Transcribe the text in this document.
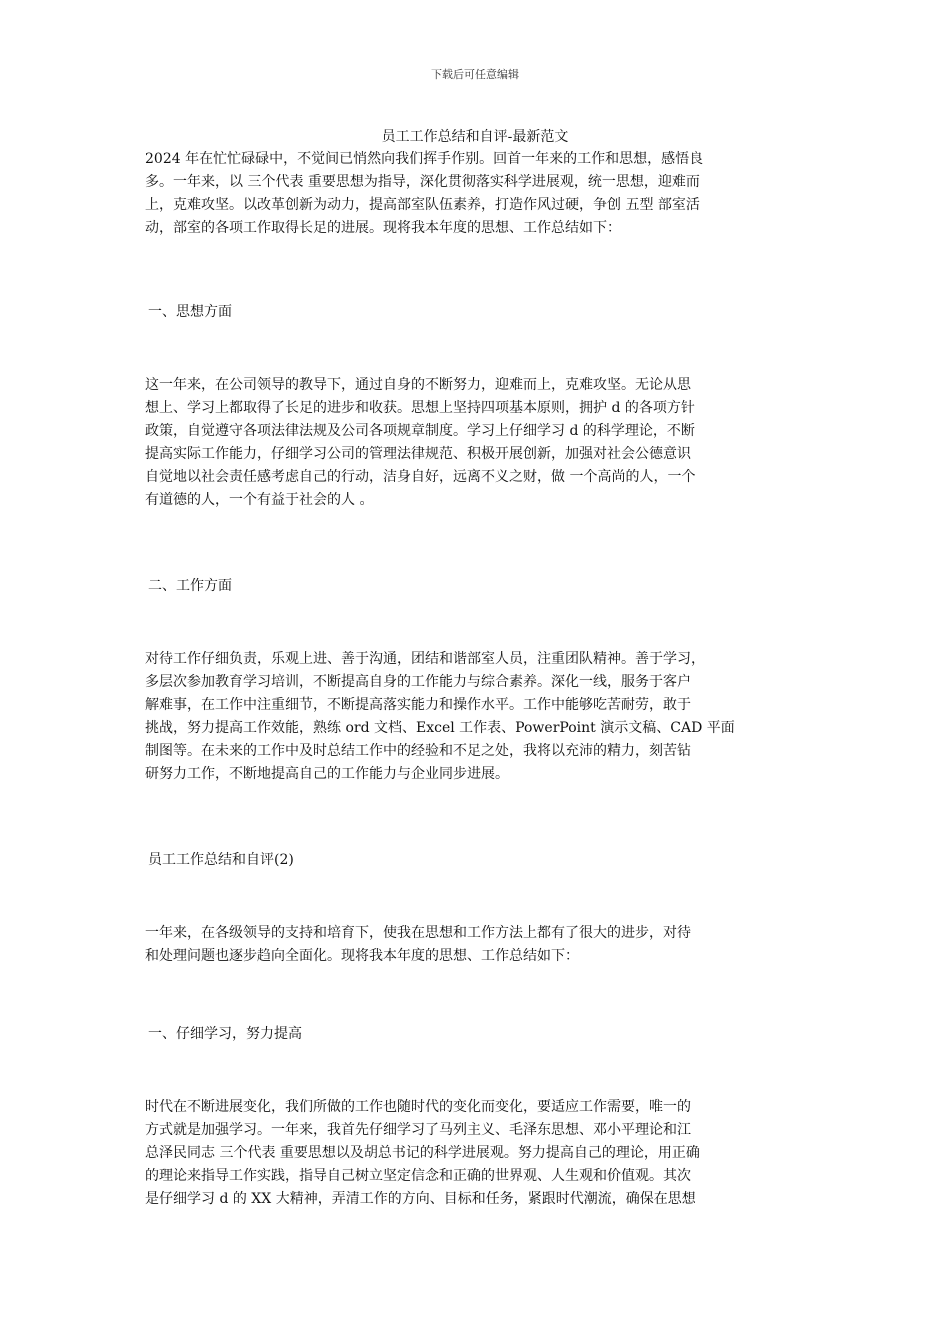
下载后可任意编辑
员工工作总结和自评-最新范文
2024 年在忙忙碌碌中，不觉间已悄然向我们挥手作别。回首一年来的工作和思想，感悟良
多。一年来，以 三个代表 重要思想为指导，深化贯彻落实科学进展观，统一思想，迎难而
上，克难攻坚。以改革创新为动力，提高部室队伍素养，打造作风过硬，争创 五型 部室活
动，部室的各项工作取得长足的进展。现将我本年度的思想、工作总结如下：
一、思想方面
这一年来，在公司领导的教导下，通过自身的不断努力，迎难而上，克难攻坚。无论从思
想上、学习上都取得了长足的进步和收获。思想上坚持四项基本原则，拥护 d 的各项方针
政策，自觉遵守各项法律法规及公司各项规章制度。学习上仔细学习 d 的科学理论，不断
提高实际工作能力，仔细学习公司的管理法律规范、积极开展创新，加强对社会公德意识
自觉地以社会责任感考虑自己的行动，洁身自好，远离不义之财，做 一个高尚的人，一个
有道德的人，一个有益于社会的人 。
二、工作方面
对待工作仔细负责，乐观上进、善于沟通，团结和谐部室人员，注重团队精神。善于学习，
多层次参加教育学习培训，不断提高自身的工作能力与综合素养。深化一线，服务于客户
解难事，在工作中注重细节，不断提高落实能力和操作水平。工作中能够吃苦耐劳，敢于
挑战，努力提高工作效能，熟练 ord 文档、Excel 工作表、PowerPoint 演示文稿、CAD 平面
制图等。在未来的工作中及时总结工作中的经验和不足之处，我将以充沛的精力，刻苦钻
研努力工作，不断地提高自己的工作能力与企业同步进展。
员工工作总结和自评(2)
一年来，在各级领导的支持和培育下，使我在思想和工作方法上都有了很大的进步，对待
和处理问题也逐步趋向全面化。现将我本年度的思想、工作总结如下：
一、仔细学习，努力提高
时代在不断进展变化，我们所做的工作也随时代的变化而变化，要适应工作需要，唯一的
方式就是加强学习。一年来，我首先仔细学习了马列主义、毛泽东思想、邓小平理论和江
总泽民同志 三个代表 重要思想以及胡总书记的科学进展观。努力提高自己的理论，用正确
的理论来指导工作实践，指导自己树立坚定信念和正确的世界观、人生观和价值观。其次
是仔细学习 d 的 XX 大精神，弄清工作的方向、目标和任务，紧跟时代潮流，确保在思想
